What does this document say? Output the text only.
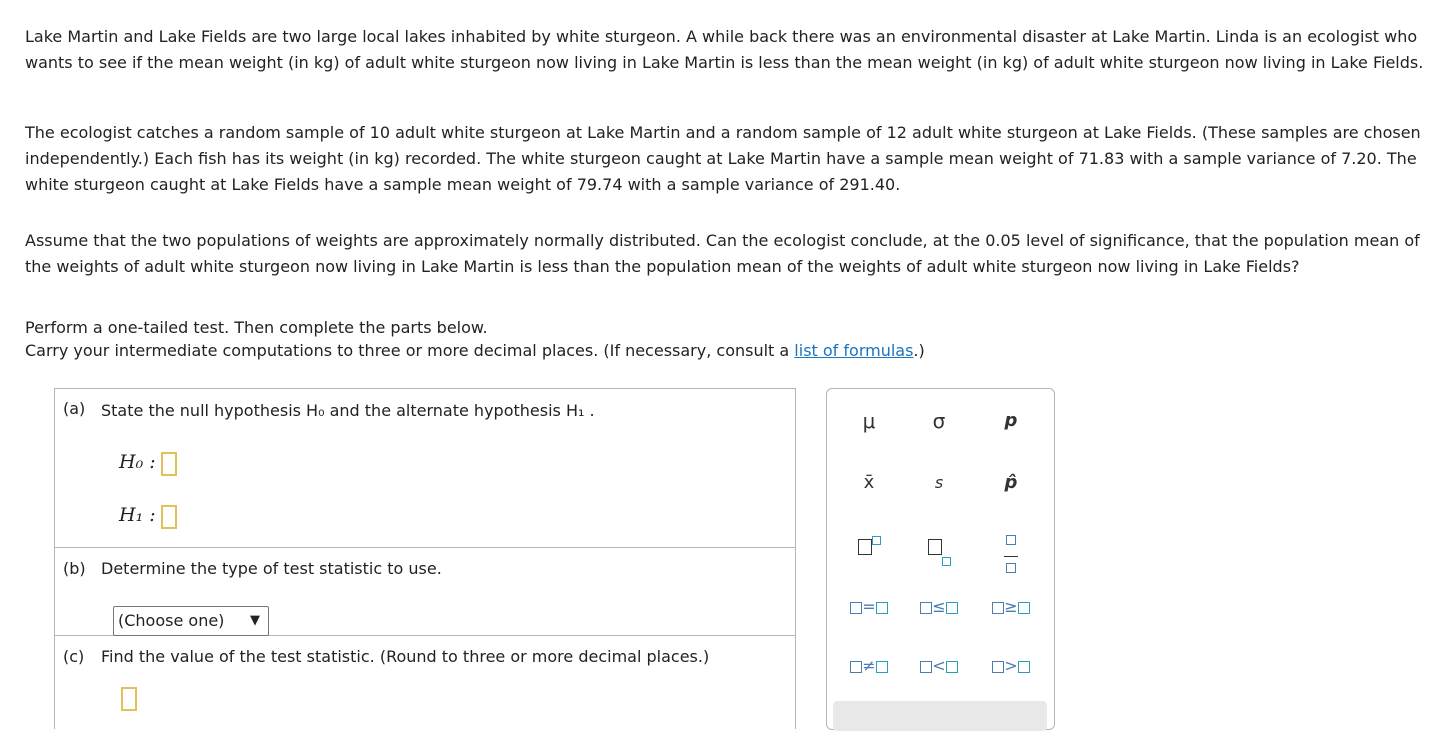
Lake Martin and Lake Fields are two large local lakes inhabited by white sturgeon. A while back there was an environmental disaster at Lake Martin. Linda is an ecologist who wants to see if the mean weight (in kg) of adult white sturgeon now living in Lake Martin is less than the mean weight (in kg) of adult white sturgeon now living in Lake Fields.
The ecologist catches a random sample of 10 adult white sturgeon at Lake Martin and a random sample of 12 adult white sturgeon at Lake Fields. (These samples are chosen independently.) Each fish has its weight (in kg) recorded. The white sturgeon caught at Lake Martin have a sample mean weight of 71.83 with a sample variance of 7.20. The white sturgeon caught at Lake Fields have a sample mean weight of 79.74 with a sample variance of 291.40.
Assume that the two populations of weights are approximately normally distributed. Can the ecologist conclude, at the 0.05 level of significance, that the population mean of the weights of adult white sturgeon now living in Lake Martin is less than the population mean of the weights of adult white sturgeon now living in Lake Fields?
Perform a one-tailed test. Then complete the parts below.
Carry your intermediate computations to three or more decimal places. (If necessary, consult a list of formulas.)
(a) State the null hypothesis H₀ and the alternate hypothesis H₁ .
H₀ :
H₁ :
(b) Determine the type of test statistic to use.
(Choose one) ▼
(c) Find the value of the test statistic. (Round to three or more decimal places.)
μ	σ	p
x̄	s	p̂

=	≤	≥
≠	<	>
